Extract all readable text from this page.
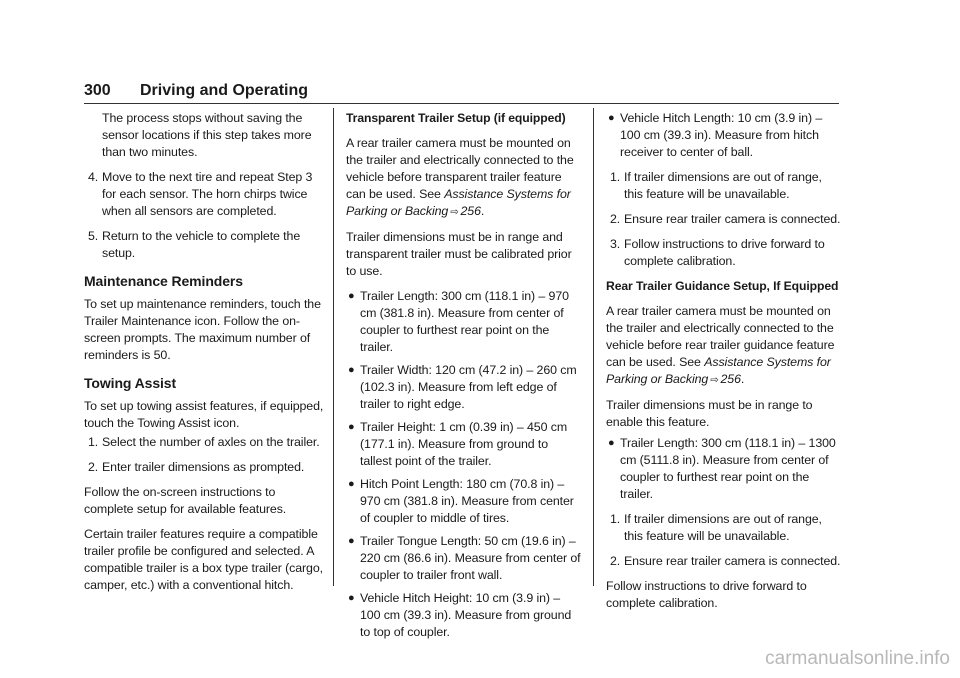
300 Driving and Operating

The process stops without saving the sensor locations if this step takes more than two minutes.

4. Move to the next tire and repeat Step 3 for each sensor. The horn chirps twice when all sensors are completed.
5. Return to the vehicle to complete the setup.
Maintenance Reminders

To set up maintenance reminders, touch the Trailer Maintenance icon. Follow the on-screen prompts. The maximum number of reminders is 50.

Towing Assist

To set up towing assist features, if equipped, touch the Towing Assist icon.

1. Select the number of axles on the trailer.
2. Enter trailer dimensions as prompted.

Follow the on-screen instructions to complete setup for available features.

Certain trailer features require a compatible trailer profile be configured and selected. A compatible trailer is a box type trailer (cargo, camper, etc.) with a conventional hitch.

Transparent Trailer Setup (if equipped)

A rear trailer camera must be mounted on the trailer and electrically connected to the vehicle before transparent trailer feature can be used. See Assistance Systems for Parking or Backing ⇨ 256.

Trailer dimensions must be in range and transparent trailer must be calibrated prior to use.

● Trailer Length: 300 cm (118.1 in) – 970 cm (381.8 in). Measure from center of coupler to furthest rear point on the trailer.
● Trailer Width: 120 cm (47.2 in) – 260 cm (102.3 in). Measure from left edge of trailer to right edge.
● Trailer Height: 1 cm (0.39 in) – 450 cm (177.1 in). Measure from ground to tallest point of the trailer.
● Hitch Point Length: 180 cm (70.8 in) – 970 cm (381.8 in). Measure from center of coupler to middle of tires.
● Trailer Tongue Length: 50 cm (19.6 in) – 220 cm (86.6 in). Measure from center of coupler to trailer front wall.
● Vehicle Hitch Height: 10 cm (3.9 in) – 100 cm (39.3 in). Measure from ground to top of coupler.
● Vehicle Hitch Length: 10 cm (3.9 in) – 100 cm (39.3 in). Measure from hitch receiver to center of ball.
1. If trailer dimensions are out of range, this feature will be unavailable.
2. Ensure rear trailer camera is connected.
3. Follow instructions to drive forward to complete calibration.

Rear Trailer Guidance Setup, If Equipped

A rear trailer camera must be mounted on the trailer and electrically connected to the vehicle before rear trailer guidance feature can be used. See Assistance Systems for Parking or Backing ⇨ 256.

Trailer dimensions must be in range to enable this feature.

● Trailer Length: 300 cm (118.1 in) – 1300 cm (5111.8 in). Measure from center of coupler to furthest rear point on the trailer.
1. If trailer dimensions are out of range, this feature will be unavailable.
2. Ensure rear trailer camera is connected.

Follow instructions to drive forward to complete calibration.

carmanualsonline.info
